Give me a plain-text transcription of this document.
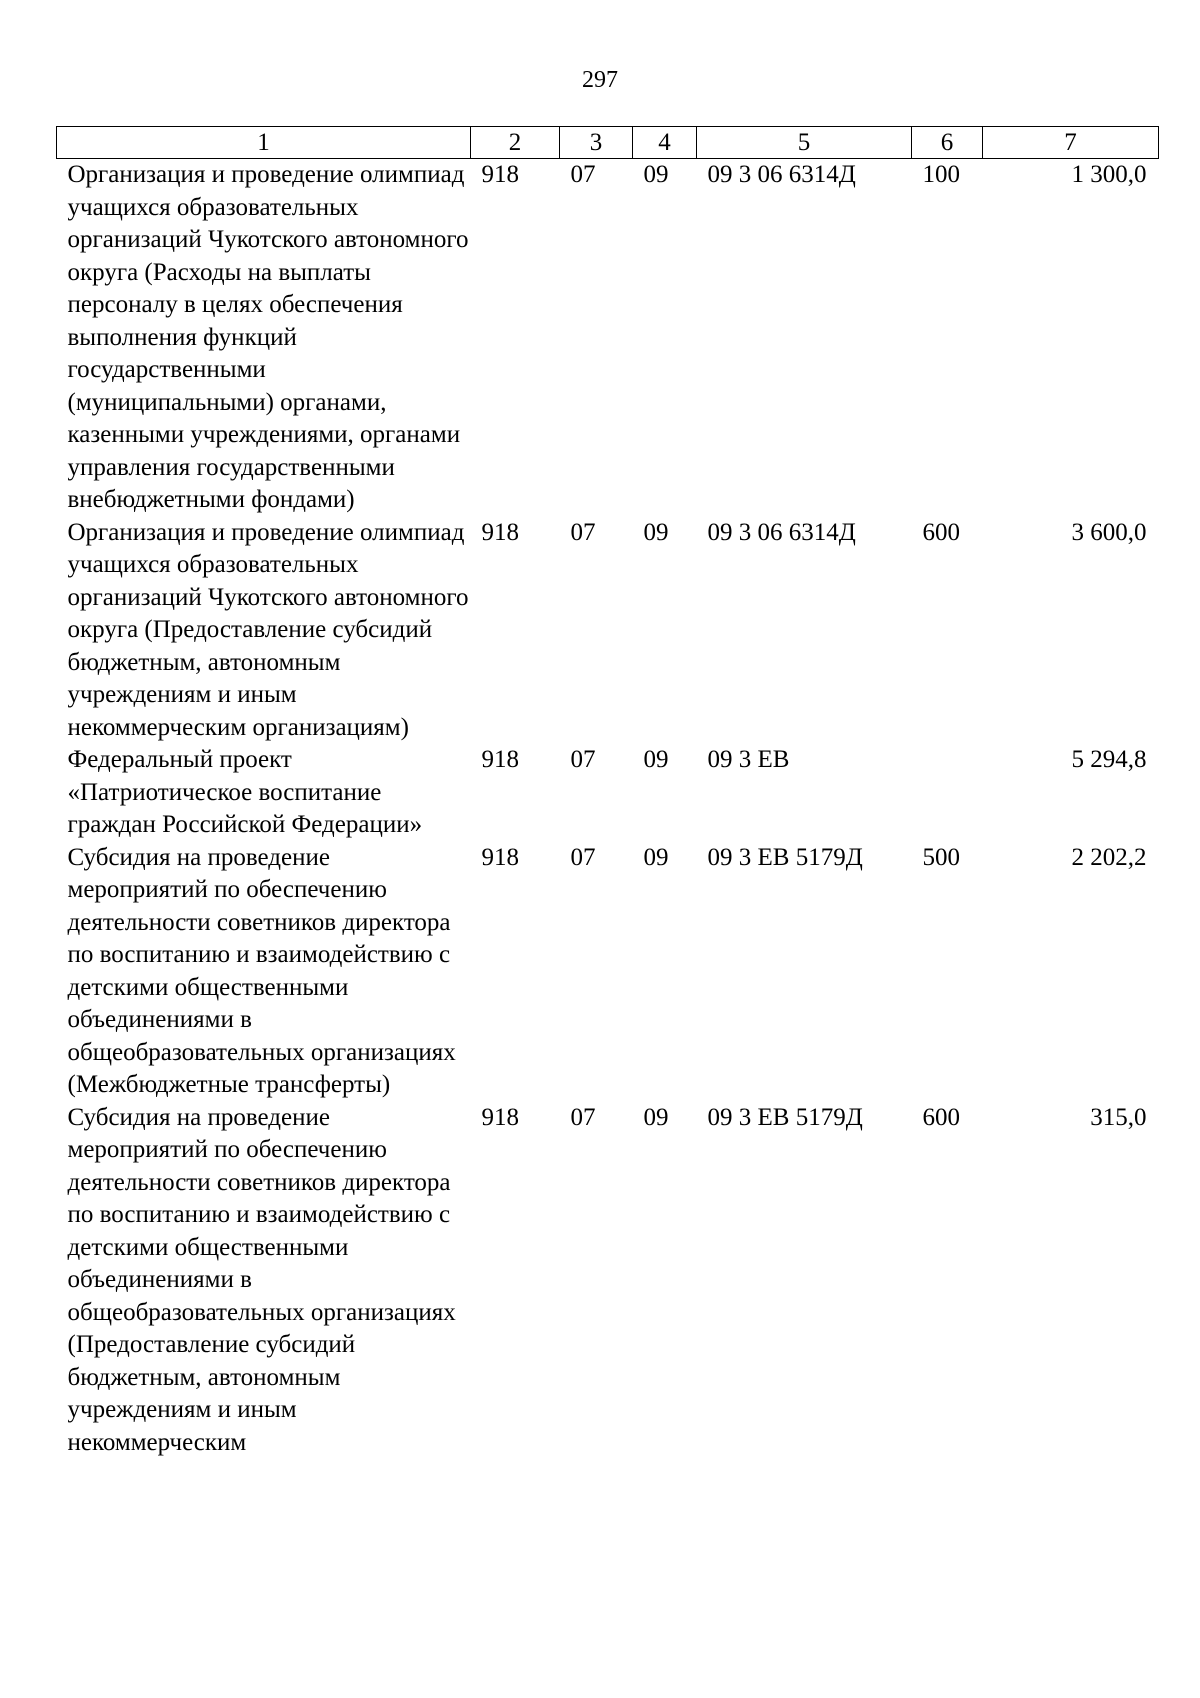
297
1	2	3	4	5	6	7
Организация и проведение олимпиад учащихся образовательных организаций Чукотского автономного округа (Расходы на выплаты персоналу в целях обеспечения выполнения функций государственными (муниципальными) органами, казенными учреждениями, органами управления государственными внебюджетными фондами)	918	07	09	09 3 06 6314Д	100	1 300,0
Организация и проведение олимпиад учащихся образовательных организаций Чукотского автономного округа (Предоставление субсидий бюджетным, автономным учреждениям и иным некоммерческим организациям)	918	07	09	09 3 06 6314Д	600	3 600,0
Федеральный проект «Патриотическое воспитание граждан Российской Федерации»	918	07	09	09 3 ЕВ		5 294,8
Субсидия на проведение мероприятий по обеспечению деятельности советников директора по воспитанию и взаимодействию с детскими общественными объединениями в общеобразовательных организациях (Межбюджетные трансферты)	918	07	09	09 3 ЕВ 5179Д	500	2 202,2
Субсидия на проведение мероприятий по обеспечению деятельности советников директора по воспитанию и взаимодействию с детскими общественными объединениями в общеобразовательных организациях (Предоставление субсидий бюджетным, автономным учреждениям и иным некоммерческим	918	07	09	09 3 ЕВ 5179Д	600	315,0
